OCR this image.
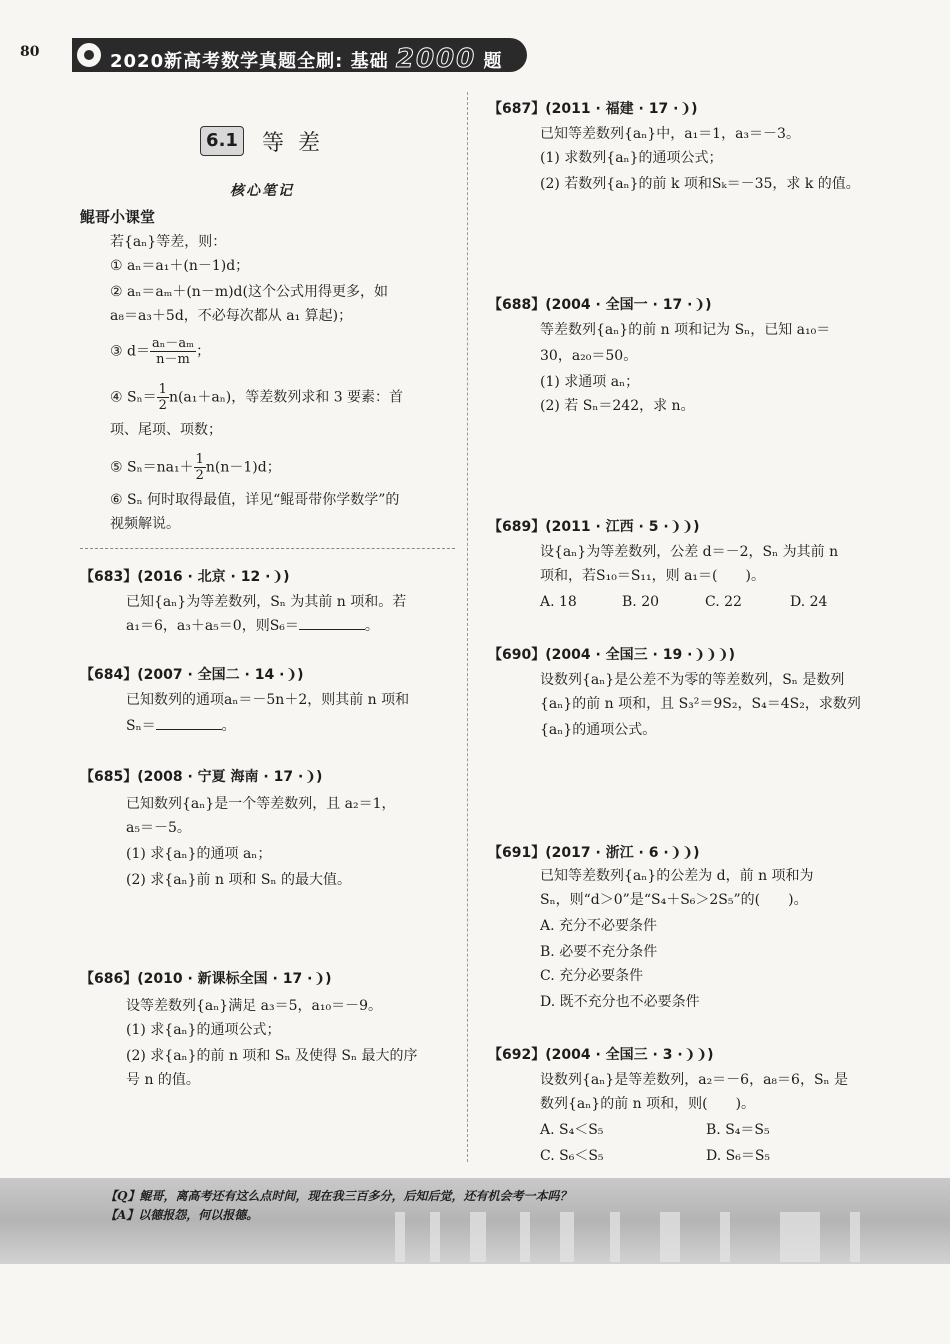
80	2020新高考数学真题全刷: 基础 2000 题
6.1 等差
核心笔记
鲲哥小课堂
若{aₙ}等差，则：
① aₙ＝a₁＋(n－1)d；
② aₙ＝aₘ＋(n－m)d(这个公式用得更多，如
a₈＝a₃＋5d，不必每次都从 a₁ 算起)；
③ $d= \frac{\text{aₙ－aₘ}}{n-m}$ ；
④ $S_n= \frac{1}{2} n(a_1+a_n)$，等差数列求和 3 要素：首
项、尾项、项数；
⑤ $S_n=na_1+ \frac{1}{2} n(n-1)d$；
⑥ Sₙ 何时取得最值，详见“鲲哥带你学数学”的
视频解说。
【683】(2016 · 北京 · 12 ·❩)
已知{aₙ}为等差数列，Sₙ 为其前 n 项和。若
a₁＝6，a₃＋a₅＝0，则S₆＝	。
【684】(2007 · 全国二 · 14 ·❩)
已知数列的通项aₙ＝－5n＋2，则其前 n 项和
Sₙ＝	。
【685】(2008 · 宁夏 海南 · 17 ·❩)
已知数列{aₙ}是一个等差数列，且 a₂＝1，
a₅＝－5。
(1) 求{aₙ}的通项 aₙ；
(2) 求{aₙ}前 n 项和 Sₙ 的最大值。
【686】(2010 · 新课标全国 · 17 ·❩)
设等差数列{aₙ}满足 a₃＝5，a₁₀＝－9。
(1) 求{aₙ}的通项公式；
(2) 求{aₙ}的前 n 项和 Sₙ 及使得 Sₙ 最大的序
号 n 的值。
【687】(2011 · 福建 · 17 ·❩)
已知等差数列{aₙ}中，a₁＝1，a₃＝－3。
(1) 求数列{aₙ}的通项公式；
(2) 若数列{aₙ}的前 k 项和Sₖ＝－35，求 k 的值。
【688】(2004 · 全国一 · 17 ·❩)
等差数列{aₙ}的前 n 项和记为 Sₙ，已知 a₁₀＝
30，a₂₀＝50。
(1) 求通项 aₙ；
(2) 若 Sₙ＝242，求 n。
【689】(2011 · 江西 · 5 ·❩❩)
设{aₙ}为等差数列，公差 d＝－2，Sₙ 为其前 n
项和，若S₁₀＝S₁₁，则 a₁＝(　　)。
A. 18	B. 20	C. 22	D. 24
【690】(2004 · 全国三 · 19 ·❩❩❩)
设数列{aₙ}是公差不为零的等差数列，Sₙ 是数列
{aₙ}的前 n 项和，且 S₃²＝9S₂，S₄＝4S₂，求数列
{aₙ}的通项公式。
【691】(2017 · 浙江 · 6 ·❩❩)
已知等差数列{aₙ}的公差为 d，前 n 项和为
Sₙ，则“d＞0”是“S₄＋S₆＞2S₅”的(　　)。
A. 充分不必要条件
B. 必要不充分条件
C. 充分必要条件
D. 既不充分也不必要条件
【692】(2004 · 全国三 · 3 ·❩❩)
设数列{aₙ}是等差数列，a₂＝－6，a₈＝6，Sₙ 是
数列{aₙ}的前 n 项和，则(　　)。
A. S₄＜S₅	B. S₄＝S₅
C. S₆＜S₅	D. S₆＝S₅
【Q】鲲哥，离高考还有这么点时间，现在我三百多分，后知后觉，还有机会考一本吗？
【A】以德报怨，何以报德。
